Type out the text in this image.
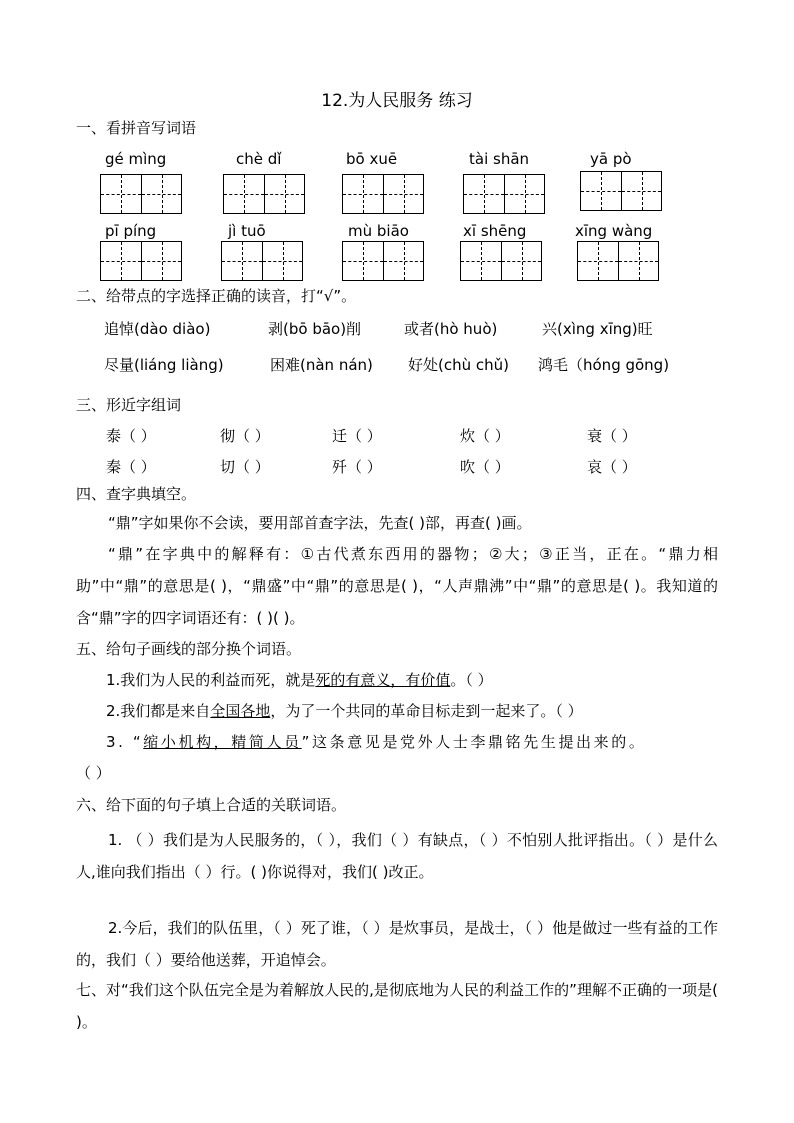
12.为人民服务 练习
一、看拼音写词语
gé mìng	chè dǐ	bō xuē	tài shān	yā pò
pī píng	jì tuō	mù biāo	xī shēng	xīng wàng
二、给带点的字选择正确的读音，打“√”。
追悼(dào diào)	剥(bō bāo)削	或者(hò huò)	兴(xìng xīng)旺
尽量(liáng liàng)	困难(nàn nán) 好处(chù chǔ) 鸿毛（hóng gōng)
三、形近字组词
泰（ ）	彻（ ）	迁（ ）	炊（ ）	衰（ ）
秦（ ）	切（ ）	歼（ ）	吹（ ）	哀（ ）
四、查字典填空。
“鼎”字如果你不会读，要用部首查字法，先查( )部，再查( )画。
“鼎”在字典中的解释有：①古代煮东西用的器物；②大；③正当，正在。“鼎力相助”中“鼎”的意思是( )，“鼎盛”中“鼎”的意思是( )，“人声鼎沸”中“鼎”的意思是( )。我知道的含“鼎”字的四字词语还有：( )( )。
五、给句子画线的部分换个词语。
1.我们为人民的利益而死，就是死的有意义，有价值。（ ）
2.我们都是来自全国各地，为了一个共同的革命目标走到一起来了。（ ）
3. “缩小机构，精简人员”这条意见是党外人士李鼎铭先生提出来的。
（ ）
六、给下面的句子填上合适的关联词语。
1. （ ）我们是为人民服务的，（ ），我们（ ）有缺点，（ ）不怕别人批评指出。（ ）是什么人,谁向我们指出（ ）行。( )你说得对，我们( )改正。
2.今后，我们的队伍里，（ ）死了谁，（ ）是炊事员，是战士，（ ）他是做过一些有益的工作的，我们（ ）要给他送葬，开追悼会。
七、对“我们这个队伍完全是为着解放人民的,是彻底地为人民的利益工作的”理解不正确的一项是( )。
